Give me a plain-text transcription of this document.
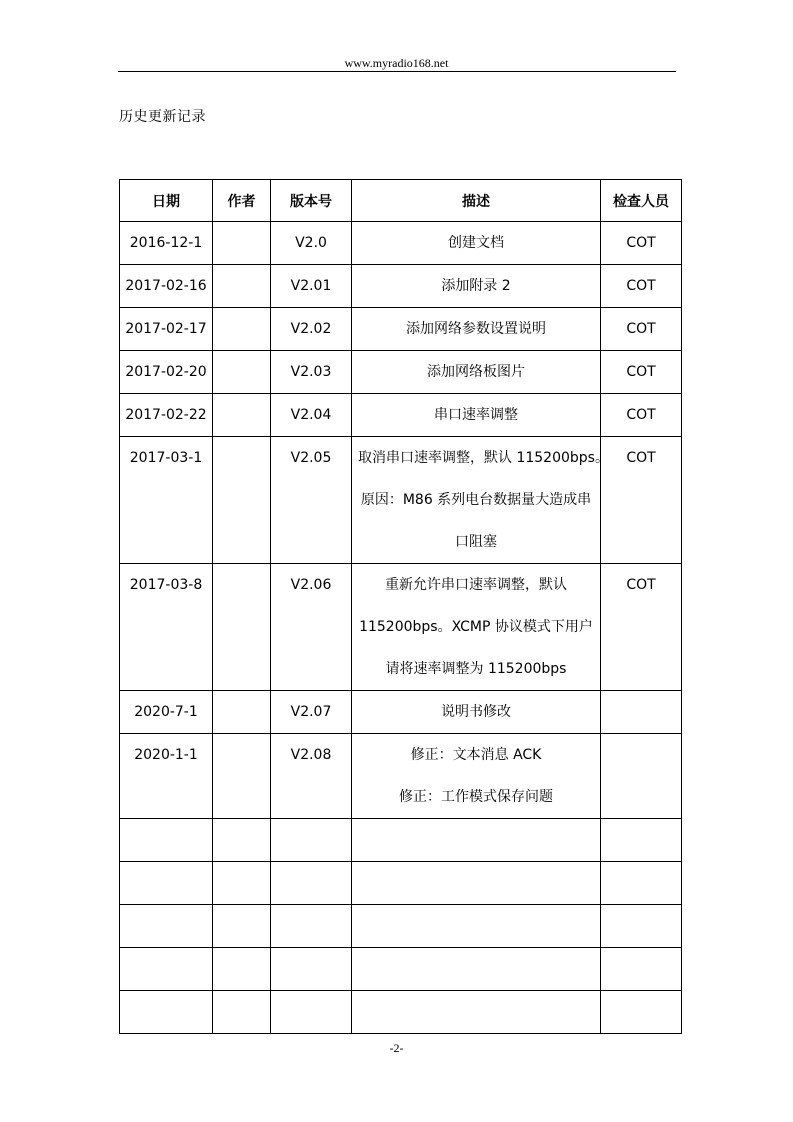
www.myradio168.net
历史更新记录
日期	作者	版本号	描述	检查人员
2016-12-1		V2.0	创建文档	COT
2017-02-16		V2.01	添加附录 2	COT
2017-02-17		V2.02	添加网络参数设置说明	COT
2017-02-20		V2.03	添加网络板图片	COT
2017-02-22		V2.04	串口速率调整	COT
2017-03-1		V2.05	取消串口速率调整，默认 115200bps。
原因：M86 系列电台数据量大造成串
口阻塞	COT
2017-03-8		V2.06	重新允许串口速率调整，默认
115200bps。XCMP 协议模式下用户
请将速率调整为 115200bps	COT
2020-7-1		V2.07	说明书修改	

2020-1-1		V2.08	修正：文本消息 ACK
修正：工作模式保存问题	

-2-
